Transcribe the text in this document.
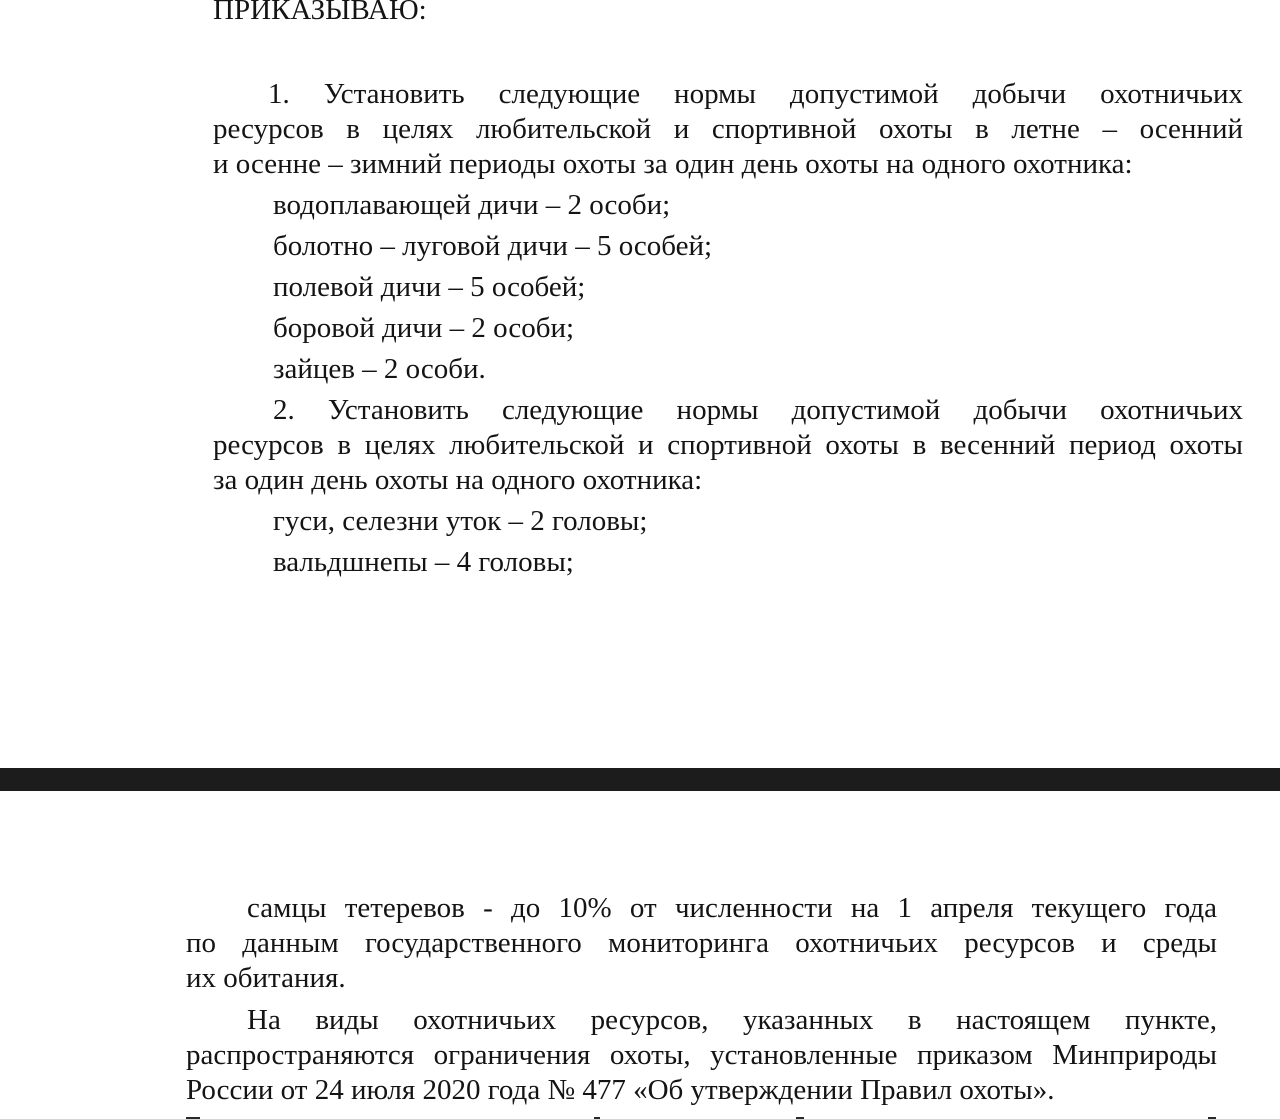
ПРИКАЗЫВАЮ:

1. Установить следующие нормы допустимой добычи охотничьих

ресурсов в целях любительской и спортивной охоты в летне – осенний

и осенне – зимний периоды охоты за один день охоты на одного охотника:

водоплавающей дичи – 2 особи;

болотно – луговой дичи – 5 особей;

полевой дичи – 5 особей;

боровой дичи – 2 особи;

зайцев – 2 особи.

2. Установить следующие нормы допустимой добычи охотничьих

ресурсов в целях любительской и спортивной охоты в весенний период охоты

за один день охоты на одного охотника:

гуси, селезни уток – 2 головы;

вальдшнепы – 4 головы;

самцы тетеревов - до 10% от численности на 1 апреля текущего года

по данным государственного мониторинга охотничьих ресурсов и среды

их обитания.

На виды охотничьих ресурсов, указанных в настоящем пункте,

распространяются ограничения охоты, установленные приказом Минприроды

России от 24 июля 2020 года № 477 «Об утверждении Правил охоты».
